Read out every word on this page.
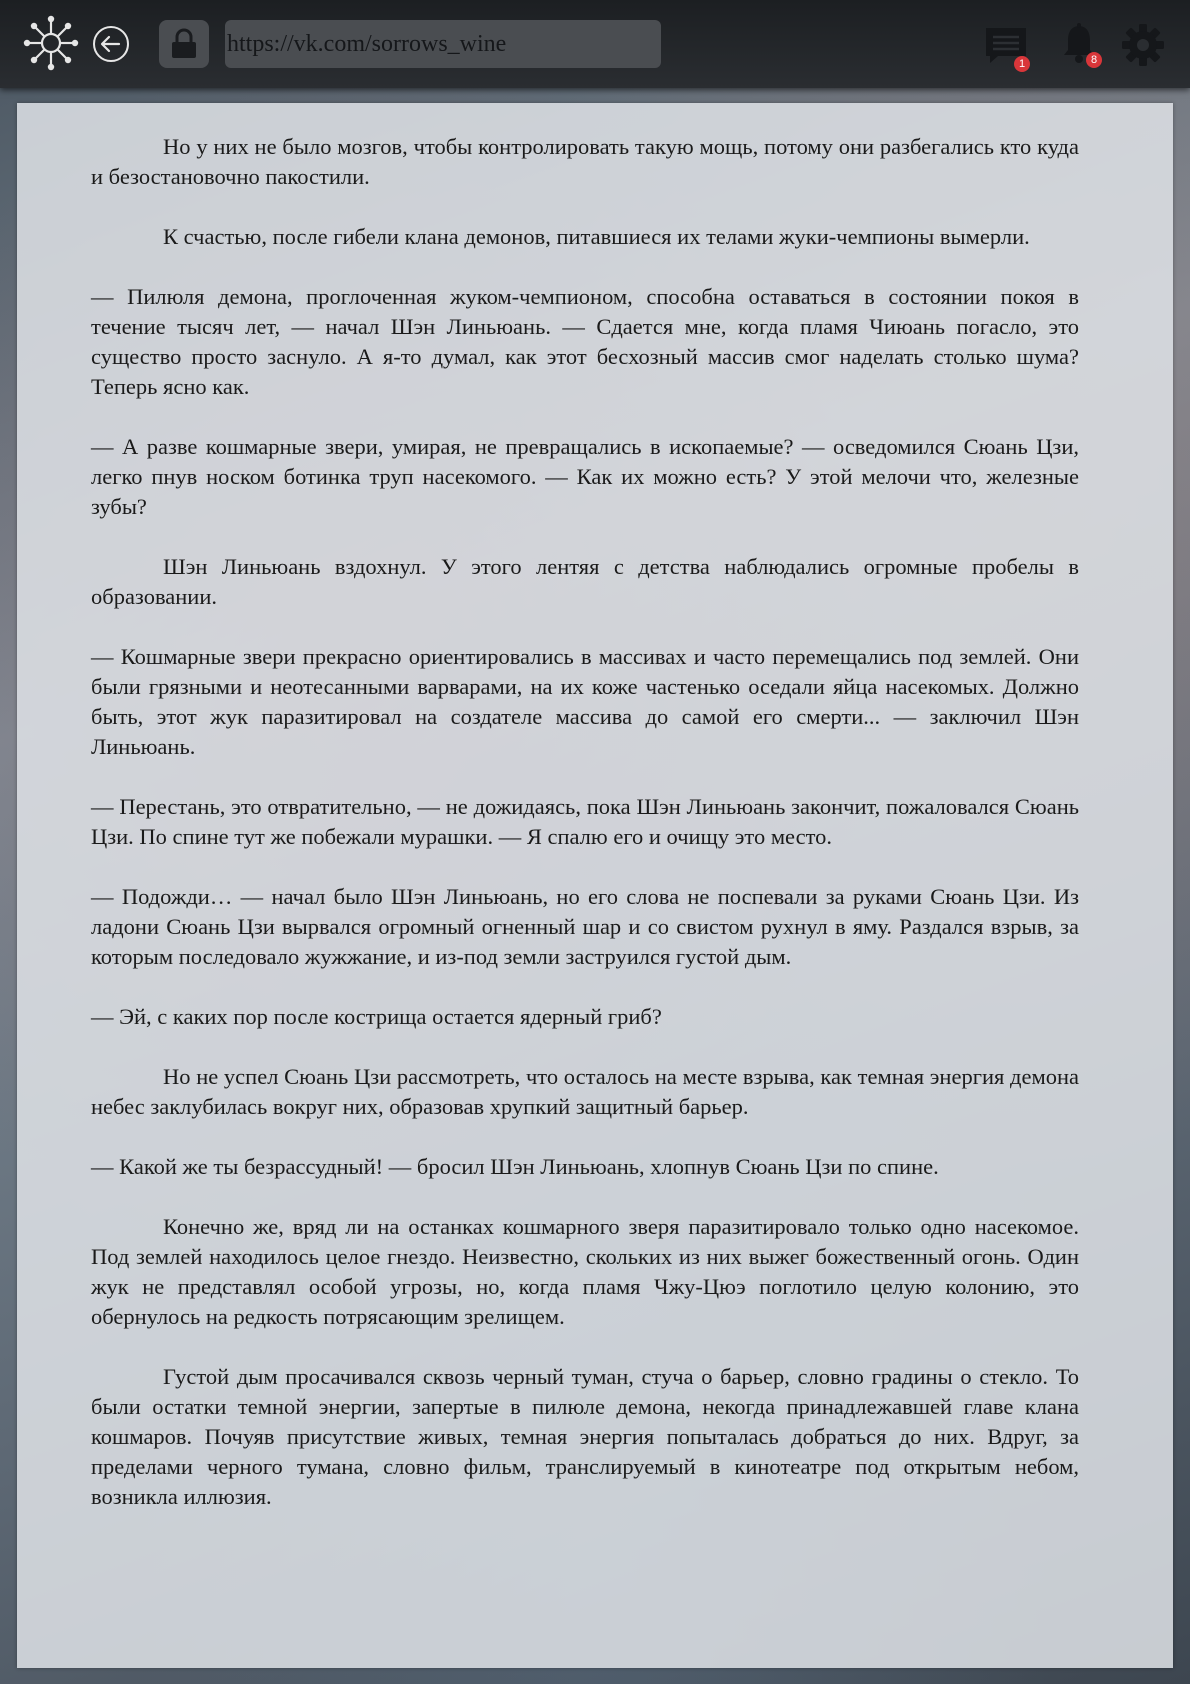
https://vk.com/sorrows_wine
1	8

Но у них не было мозгов, чтобы контролировать такую мощь, потому они разбегались кто куда и безостановочно пакостили.

К счастью, после гибели клана демонов, питавшиеся их телами жуки-чемпионы вымерли.

— Пилюля демона, проглоченная жуком-чемпионом, способна оставаться в состоянии покоя в течение тысяч лет, — начал Шэн Линьюань. — Сдается мне, когда пламя Чиюань погасло, это существо просто заснуло. А я-то думал, как этот бесхозный массив смог наделать столько шума? Теперь ясно как.

— А разве кошмарные звери, умирая, не превращались в ископаемые? — осведомился Сюань Цзи, легко пнув носком ботинка труп насекомого. — Как их можно есть? У этой мелочи что, железные зубы?

Шэн Линьюань вздохнул. У этого лентяя с детства наблюдались огромные пробелы в образовании.

— Кошмарные звери прекрасно ориентировались в массивах и часто перемещались под землей. Они были грязными и неотесанными варварами, на их коже частенько оседали яйца насекомых. Должно быть, этот жук паразитировал на создателе массива до самой его смерти... — заключил Шэн Линьюань.

— Перестань, это отвратительно, — не дожидаясь, пока Шэн Линьюань закончит, пожаловался Сюань Цзи. По спине тут же побежали мурашки. — Я спалю его и очищу это место.

— Подожди… — начал было Шэн Линьюань, но его слова не поспевали за руками Сюань Цзи. Из ладони Сюань Цзи вырвался огромный огненный шар и со свистом рухнул в яму. Раздался взрыв, за которым последовало жужжание, и из-под земли заструился густой дым.

— Эй, с каких пор после кострища остается ядерный гриб?

Но не успел Сюань Цзи рассмотреть, что осталось на месте взрыва, как темная энергия демона небес заклубилась вокруг них, образовав хрупкий защитный барьер.

— Какой же ты безрассудный! — бросил Шэн Линьюань, хлопнув Сюань Цзи по спине.

Конечно же, вряд ли на останках кошмарного зверя паразитировало только одно насекомое. Под землей находилось целое гнездо. Неизвестно, скольких из них выжег божественный огонь. Один жук не представлял особой угрозы, но, когда пламя Чжу-Цюэ поглотило целую колонию, это обернулось на редкость потрясающим зрелищем.

Густой дым просачивался сквозь черный туман, стуча о барьер, словно градины о стекло. То были остатки темной энергии, запертые в пилюле демона, некогда принадлежавшей главе клана кошмаров. Почуяв присутствие живых, темная энергия попыталась добраться до них. Вдруг, за пределами черного тумана, словно фильм, транслируемый в кинотеатре под открытым небом, возникла иллюзия.
